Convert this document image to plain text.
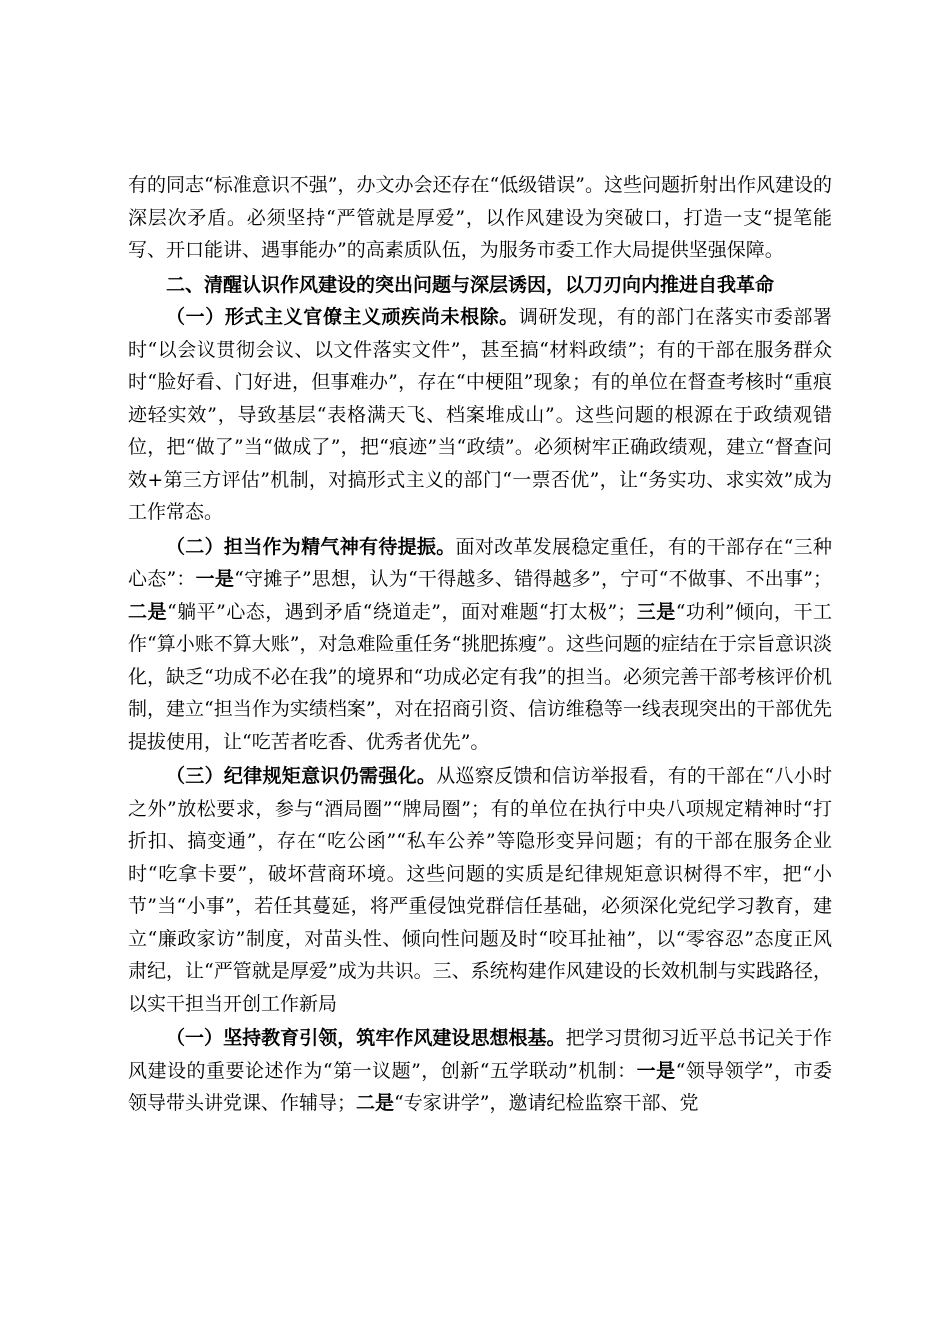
有的同志“标准意识不强”，办文办会还存在“低级错误”。这些问题折射出作风建设的深层次矛盾。必须坚持“严管就是厚爱”，以作风建设为突破口，打造一支“提笔能写、开口能讲、遇事能办”的高素质队伍，为服务市委工作大局提供坚强保障。

二、清醒认识作风建设的突出问题与深层诱因，以刀刃向内推进自我革命

（一）形式主义官僚主义顽疾尚未根除。调研发现，有的部门在落实市委部署时“以会议贯彻会议、以文件落实文件”，甚至搞“材料政绩”；有的干部在服务群众时“脸好看、门好进，但事难办”，存在“中梗阻”现象；有的单位在督查考核时“重痕迹轻实效”，导致基层“表格满天飞、档案堆成山”。这些问题的根源在于政绩观错位，把“做了”当“做成了”，把“痕迹”当“政绩”。必须树牢正确政绩观，建立“督查问效+第三方评估”机制，对搞形式主义的部门“一票否优”，让“务实功、求实效”成为工作常态。

（二）担当作为精气神有待提振。面对改革发展稳定重任，有的干部存在“三种心态”：一是“守摊子”思想，认为“干得越多、错得越多”，宁可“不做事、不出事”；二是“躺平”心态，遇到矛盾“绕道走”，面对难题“打太极”；三是“功利”倾向，干工作“算小账不算大账”，对急难险重任务“挑肥拣瘦”。这些问题的症结在于宗旨意识淡化，缺乏“功成不必在我”的境界和“功成必定有我”的担当。必须完善干部考核评价机制，建立“担当作为实绩档案”，对在招商引资、信访维稳等一线表现突出的干部优先提拔使用，让“吃苦者吃香、优秀者优先”。

（三）纪律规矩意识仍需强化。从巡察反馈和信访举报看，有的干部在“八小时之外”放松要求，参与“酒局圈”“牌局圈”；有的单位在执行中央八项规定精神时“打折扣、搞变通”，存在“吃公函”“私车公养”等隐形变异问题；有的干部在服务企业时“吃拿卡要”，破坏营商环境。这些问题的实质是纪律规矩意识树得不牢，把“小节”当“小事”，若任其蔓延，将严重侵蚀党群信任基础，必须深化党纪学习教育，建立“廉政家访”制度，对苗头性、倾向性问题及时“咬耳扯袖”，以“零容忍”态度正风肃纪，让“严管就是厚爱”成为共识。三、系统构建作风建设的长效机制与实践路径，以实干担当开创工作新局

（一）坚持教育引领，筑牢作风建设思想根基。把学习贯彻习近平总书记关于作风建设的重要论述作为“第一议题”，创新“五学联动”机制：一是“领导领学”，市委领导带头讲党课、作辅导；二是“专家讲学”，邀请纪检监察干部、党
